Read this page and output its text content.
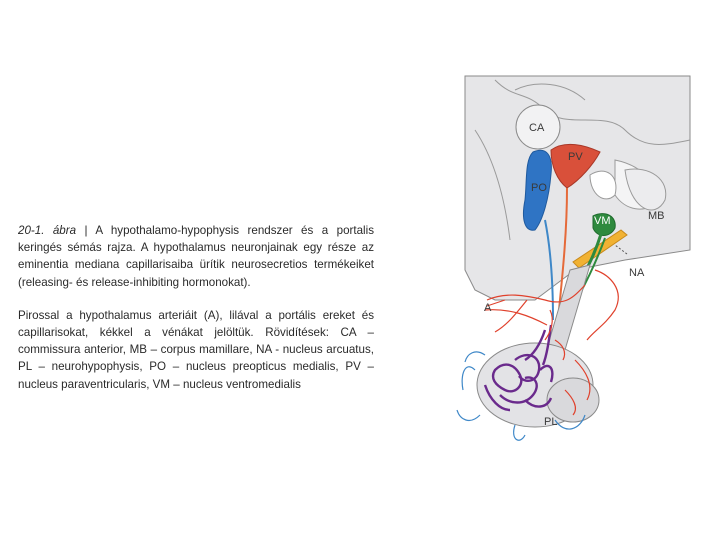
20-1. ábra | A hypothalamo-hypophysis rendszer és a portalis keringés sémás rajza. A hypothalamus neuronjainak egy része az eminentia mediana capillarisaiba ürítik neurosecretios termékeiket (releasing- és release-inhibiting hormonokat).

Pirossal a hypothalamus arteriáit (A), lilával a portális ereket és capillarisokat, kékkel a vénákat jelöltük. Rövidítések: CA – commissura anterior, MB – corpus mamillare, NA - nucleus arcuatus, PL – neurohypophysis, PO – nucleus preopticus medialis, PV – nucleus paraventricularis, VM – nucleus ventromedialis

CA
PV
PO
VM	MB
NA
A
PL
